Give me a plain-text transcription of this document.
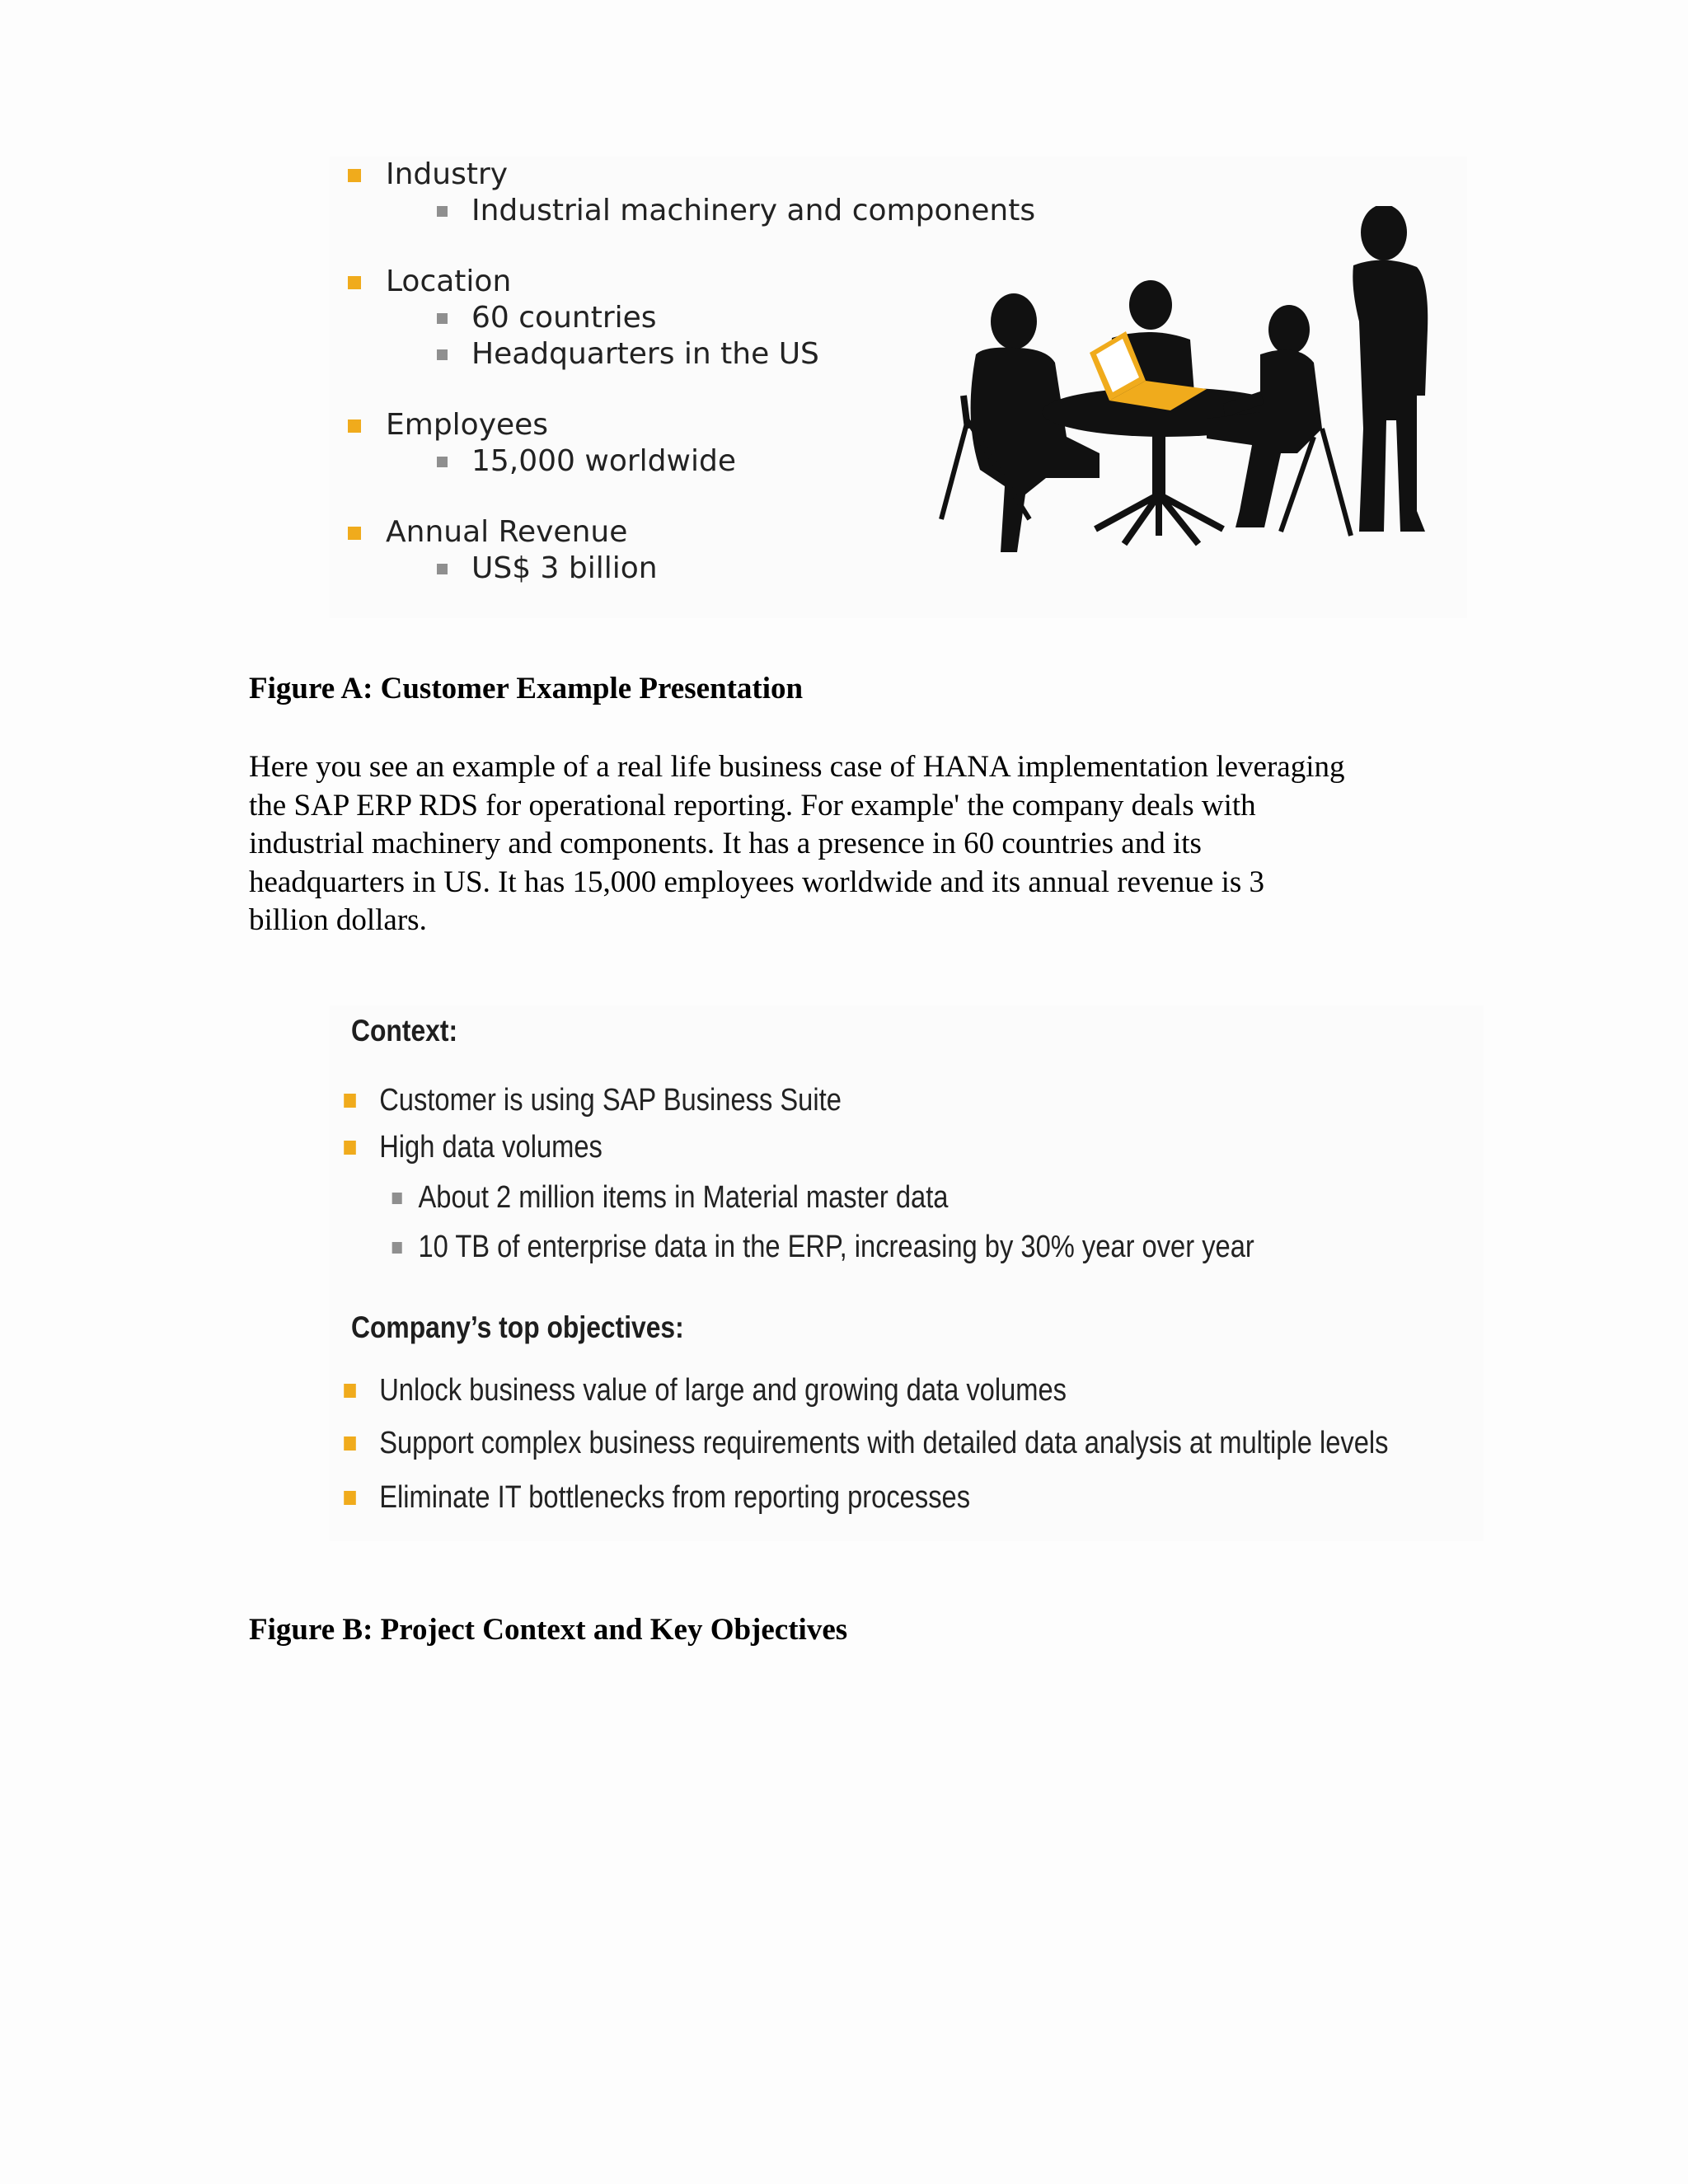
Industry
Industrial machinery and components
Location
60 countries
Headquarters in the US
Employees
15,000 worldwide
Annual Revenue
US$ 3 billion
Figure A: Customer Example Presentation
Here you see an example of a real life business case of HANA implementation leveraging
the SAP ERP RDS for operational reporting. For example' the company deals with
industrial machinery and components. It has a presence in 60 countries and its
headquarters in US. It has 15,000 employees worldwide and its annual revenue is 3
billion dollars.
Context:
Customer is using SAP Business Suite
High data volumes
About 2 million items in Material master data
10 TB of enterprise data in the ERP, increasing by 30% year over year
Company’s top objectives:
Unlock business value of large and growing data volumes
Support complex business requirements with detailed data analysis at multiple levels
Eliminate IT bottlenecks from reporting processes
Figure B: Project Context and Key Objectives
